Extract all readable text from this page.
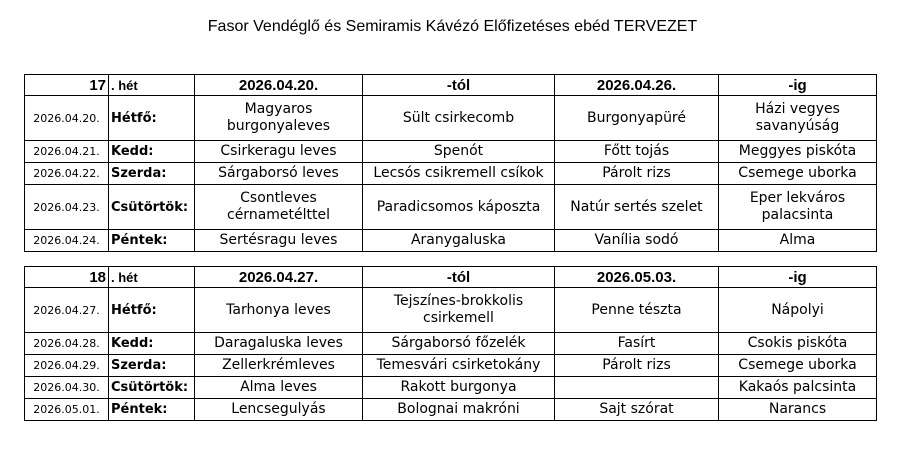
Fasor Vendéglő és Semiramis Kávézó Előfizetéses ebéd TERVEZET
17	. hét	2026.04.20.	-tól	2026.04.26.	-ig
2026.04.20.	Hétfő:	Magyaros burgonyaleves	Sült csirkecomb	Burgonyapüré	Házi vegyes savanyúság
2026.04.21.	Kedd:	Csirkeragu leves	Spenót	Főtt tojás	Meggyes piskóta
2026.04.22.	Szerda:	Sárgaborsó leves	Lecsós csikremell csíkok	Párolt rizs	Csemege uborka
2026.04.23.	Csütörtök:	Csontleves cérnametélttel	Paradicsomos káposzta	Natúr sertés szelet	Eper lekváros palacsinta
2026.04.24.	Péntek:	Sertésragu leves	Aranygaluska	Vanília sodó	Alma
18	. hét	2026.04.27.	-tól	2026.05.03.	-ig
2026.04.27.	Hétfő:	Tarhonya leves	Tejszínes-brokkolis csirkemell	Penne tészta	Nápolyi
2026.04.28.	Kedd:	Daragaluska leves	Sárgaborsó főzelék	Fasírt	Csokis piskóta
2026.04.29.	Szerda:	Zellerkrémleves	Temesvári csirketokány	Párolt rizs	Csemege uborka
2026.04.30.	Csütörtök:	Alma leves	Rakott burgonya		Kakaós palcsinta
2026.05.01.	Péntek:	Lencsegulyás	Bolognai makróni	Sajt szórat	Narancs
